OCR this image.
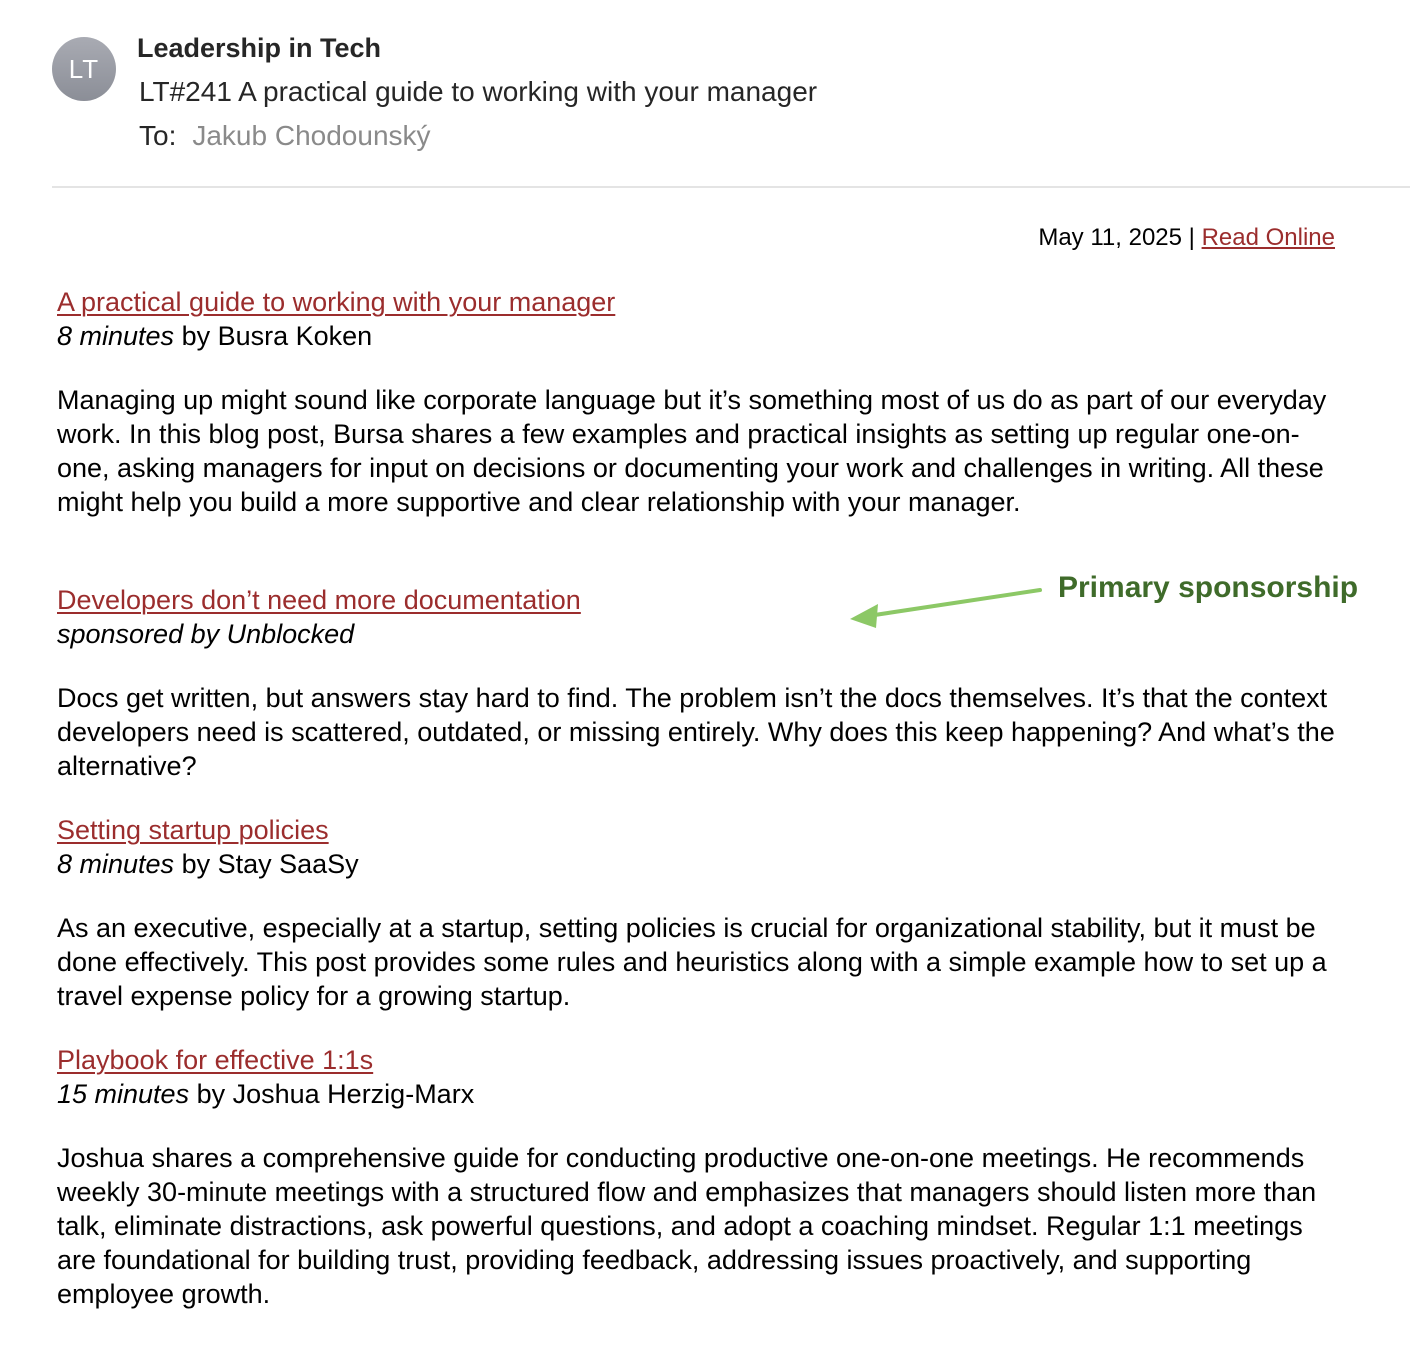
LT
Leadership in Tech
LT#241 A practical guide to working with your manager
To: Jakub Chodounský
May 11, 2025 | Read Online
A practical guide to working with your manager
8 minutes by Busra Koken

Managing up might sound like corporate language but it’s something most of us do as part of our everyday work. In this blog post, Bursa shares a few examples and practical insights as setting up regular one-on-one, asking managers for input on decisions or documenting your work and challenges in writing. All these might help you build a more supportive and clear relationship with your manager.

Developers don’t need more documentation
sponsored by Unblocked

Docs get written, but answers stay hard to find. The problem isn’t the docs themselves. It’s that the context developers need is scattered, outdated, or missing entirely. Why does this keep happening? And what’s the alternative?

Setting startup policies
8 minutes by Stay SaaSy

As an executive, especially at a startup, setting policies is crucial for organizational stability, but it must be done effectively. This post provides some rules and heuristics along with a simple example how to set up a travel expense policy for a growing startup.

Playbook for effective 1:1s
15 minutes by Joshua Herzig-Marx

Joshua shares a comprehensive guide for conducting productive one-on-one meetings. He recommends weekly 30-minute meetings with a structured flow and emphasizes that managers should listen more than talk, eliminate distractions, ask powerful questions, and adopt a coaching mindset. Regular 1:1 meetings are foundational for building trust, providing feedback, addressing issues proactively, and supporting employee growth.

Primary sponsorship
